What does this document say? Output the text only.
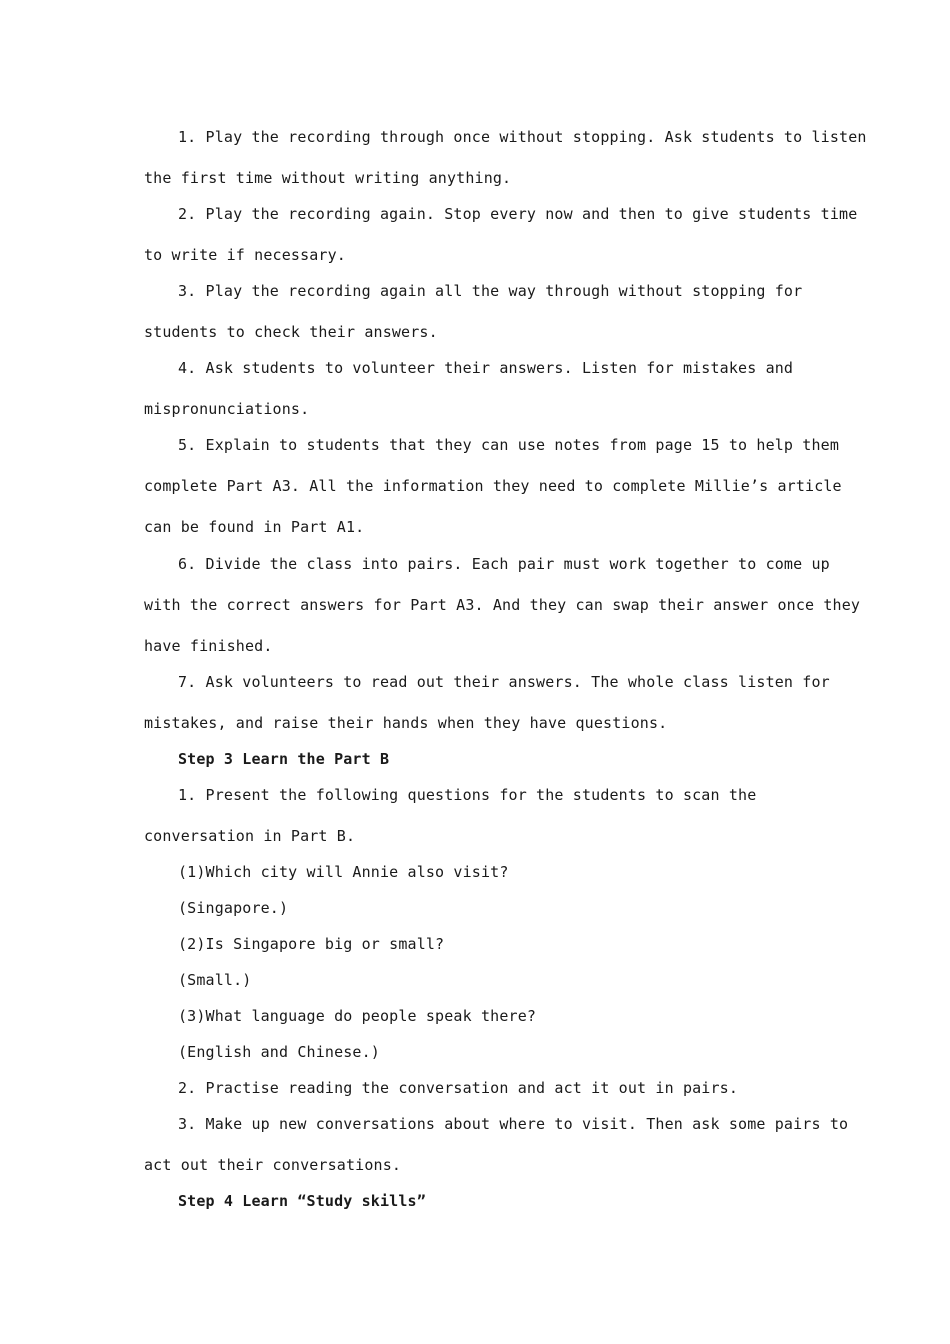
1. Play the recording through once without stopping. Ask students to listen
the first time without writing anything.
2. Play the recording again. Stop every now and then to give students time
to write if necessary.
3. Play the recording again all the way through without stopping for
students to check their answers.
4. Ask students to volunteer their answers. Listen for mistakes and
mispronunciations.
5. Explain to students that they can use notes from page 15 to help them
complete Part A3. All the information they need to complete Millie’s article
can be found in Part A1.
6. Divide the class into pairs. Each pair must work together to come up
with the correct answers for Part A3. And they can swap their answer once they
have finished.
7. Ask volunteers to read out their answers. The whole class listen for
mistakes, and raise their hands when they have questions.
Step 3 Learn the Part B
1. Present the following questions for the students to scan the
conversation in Part B.
(1)Which city will Annie also visit?
(Singapore.)
(2)Is Singapore big or small?
(Small.)
(3)What language do people speak there?
(English and Chinese.)
2. Practise reading the conversation and act it out in pairs.
3. Make up new conversations about where to visit. Then ask some pairs to
act out their conversations.
Step 4 Learn “Study skills”
